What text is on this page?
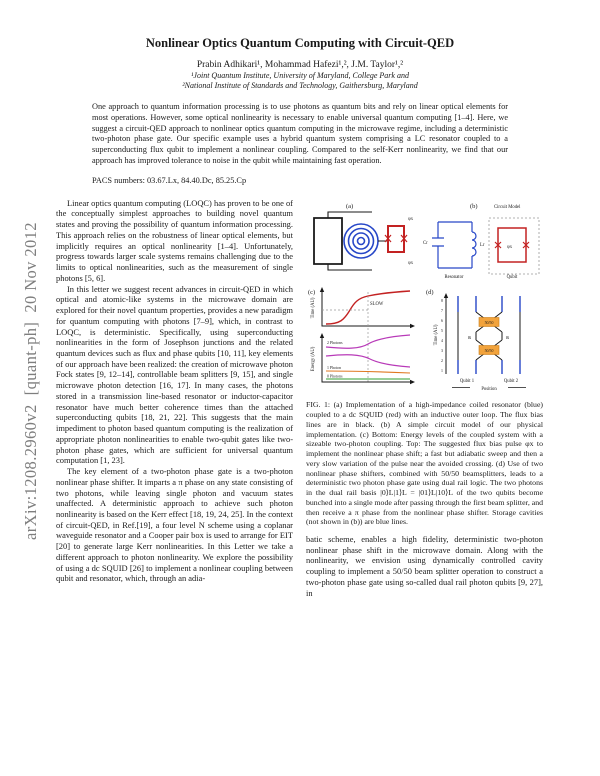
arXiv:1208.2960v2  [quant-ph]  20 Nov 2012
Nonlinear Optics Quantum Computing with Circuit-QED
Prabin Adhikari¹, Mohammad Hafezi¹,², J.M. Taylor¹,²
¹Joint Quantum Institute, University of Maryland, College Park and
²National Institute of Standards and Technology, Gaithersburg, Maryland
One approach to quantum information processing is to use photons as quantum bits and rely on linear optical elements for most operations. However, some optical nonlinearity is necessary to enable universal quantum computing [1–4]. Here, we suggest a circuit-QED approach to nonlinear optics quantum computing in the microwave regime, including a deterministic two-photon phase gate. Our specific example uses a hybrid quantum system comprising a LC resonator coupled to a superconducting flux qubit to implement a nonlinear coupling. Compared to the self-Kerr nonlinearity, we find that our approach has improved tolerance to noise in the qubit while maintaining fast operation.
PACS numbers: 03.67.Lx, 84.40.Dc, 85.25.Cp

Linear optics quantum computing (LOQC) has proven to be one of the conceptually simplest approaches to building novel quantum states and proving the possibility of quantum information processing. This approach relies on the robustness of linear optical elements, but implicitly requires an optical nonlinearity [1–4]. Unfortunately, progress towards larger scale systems remains challenging due to the limits to optical nonlinearities, such as the measurement of single photons [5, 6].

In this letter we suggest recent advances in circuit-QED in which optical and atomic-like systems in the microwave domain are explored for their novel quantum properties, provides a new paradigm for quantum computing with photons [7–9], which, in contrast to LOQC, is deterministic. Specifically, using superconducting nonlinearities in the form of Josephson junctions and the related quantum devices such as flux and phase qubits [10, 11], key elements of our approach have been realized: the creation of microwave photon Fock states [9, 12–14], controllable beam splitters [9, 15], and single microwave photon detection [16, 17]. In many cases, the photons stored in a transmission line-based resonator or inductor-capacitor resonator have much better coherence times than the attached superconducting qubits [18, 21, 22]. This suggests that the main impediment to photon based quantum computing is the realization of appropriate photon nonlinearities to enable two-qubit gates like two-photon phase gates, which are sufficient for universal quantum computation [1, 23].

The key element of a two-photon phase gate is a two-photon nonlinear phase shifter. It imparts a π phase on any state consisting of two photons, while leaving single photon and vacuum states unaffected. A deterministic approach to achieve such photon nonlinearity is based on the Kerr effect [18, 19, 24, 25]. In the context of circuit-QED, in Ref.[19], a four level N scheme using a coplanar waveguide resonator and a Cooper pair box is used to arrange for EIT [20] to generate large Kerr nonlinearities. In this Letter we take a different approach to photon nonlinearity. We explore the possibility of using a dc SQUID [26] to implement a nonlinear coupling between qubit and resonator, which, through an adia-

(a)
φx
φx
(b)	Circuit Model
Cr	Lr
Resonator
φx
Qubit
(c)
Time (AU)	SLOW
Energy (AU)
2 Photons
1 Photon
0 Photons
(d)
Time (AU)
8
7
6
5
4
3
2
1
50/50
50/50
π	π
Qubit 1	Qubit 2
Position
FIG. 1: (a) Implementation of a high-impedance coiled resonator (blue) coupled to a dc SQUID (red) with an inductive outer loop. The flux bias lines are in black. (b) A simple circuit model of our physical implementation. (c) Bottom: Energy levels of the coupled system with a sizeable two-photon coupling. Top: The suggested flux bias pulse φx to implement the nonlinear phase shift; a fast but adiabatic sweep and then a very slow variation of the pulse near the avoided crossing. (d) Use of two nonlinear phase shifters, combined with 50/50 beamsplitters, leads to a deterministic two photon phase gate using dual rail logic. The two photons in the dual rail basis |0⟩L|1⟩L = |01⟩L|10⟩L of the two qubits become bunched into a single mode after passing through the first beam splitter, and then receive a π phase from the nonlinear phase shifter. Storage cavities (not shown in (b)) are blue lines.

batic scheme, enables a high fidelity, deterministic two-photon nonlinear phase shift in the microwave domain. Along with the nonlinearity, we envision using dynamically controlled cavity coupling to implement a 50/50 beam splitter operation to construct a two-photon phase gate using so-called dual rail photon qubits [9, 27], in
